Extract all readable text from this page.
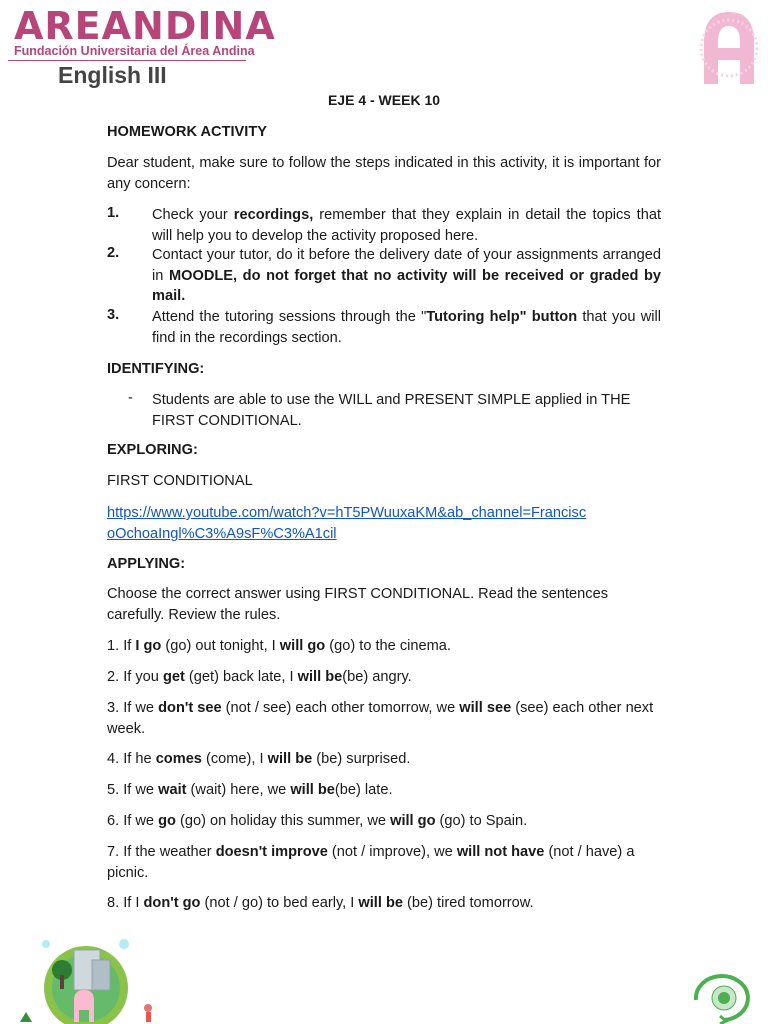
AREANDINA
Fundación Universitaria del Área Andina
English III
EJE 4 - WEEK 10
HOMEWORK ACTIVITY
Dear student, make sure to follow the steps indicated in this activity, it is important for any concern:
1. Check your recordings, remember that they explain in detail the topics that will help you to develop the activity proposed here.
2. Contact your tutor, do it before the delivery date of your assignments arranged in MOODLE, do not forget that no activity will be received or graded by mail.
3. Attend the tutoring sessions through the "Tutoring help" button that you will find in the recordings section.
IDENTIFYING:
- Students are able to use the WILL and PRESENT SIMPLE applied in THE FIRST CONDITIONAL.
EXPLORING:
FIRST CONDITIONAL
https://www.youtube.com/watch?v=hT5PWuuxaKM&ab_channel=Francisc
oOchoaIngl%C3%A9sF%C3%A1cil
APPLYING:
Choose the correct answer using FIRST CONDITIONAL. Read the sentences carefully. Review the rules.
1. If I go (go) out tonight, I will go (go) to the cinema.
2. If you get (get) back late, I will be(be) angry.
3. If we don't see (not / see) each other tomorrow, we will see (see) each other next week.
4. If he comes (come), I will be (be) surprised.
5. If we wait (wait) here, we will be(be) late.
6. If we go (go) on holiday this summer, we will go (go) to Spain.
7. If the weather doesn't improve (not / improve), we will not have (not / have) a picnic.
8. If I don't go (not / go) to bed early, I will be (be) tired tomorrow.
